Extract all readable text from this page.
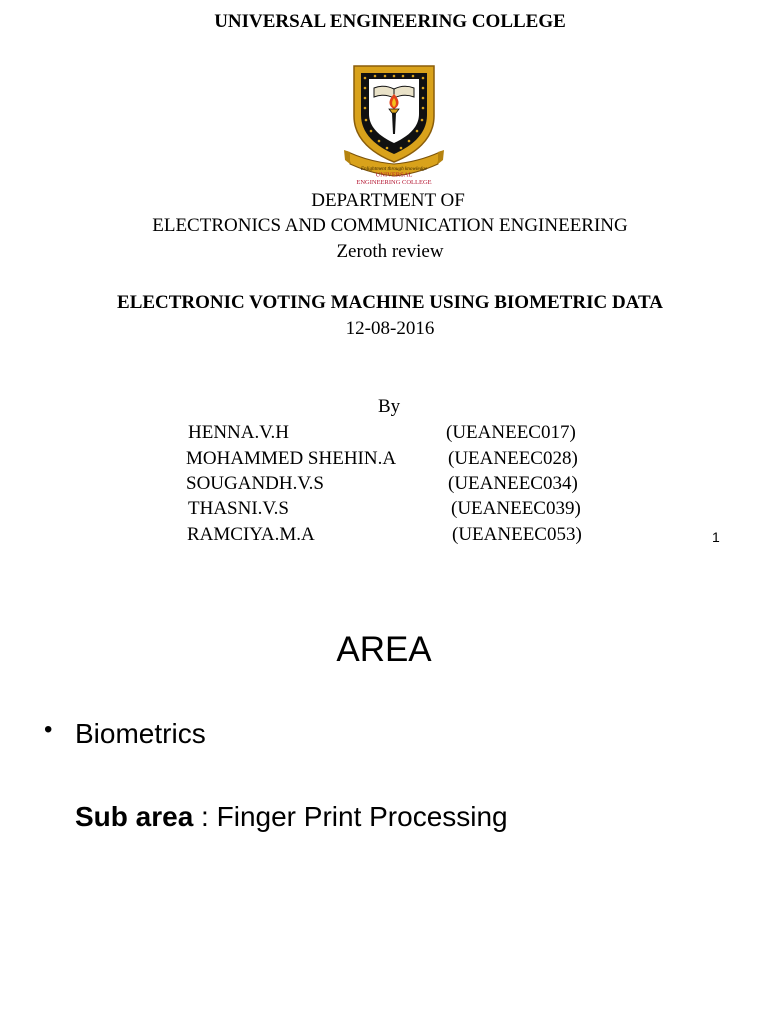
UNIVERSAL ENGINEERING COLLEGE
Enlightment through knowledge
UNIVERSAL
ENGINEERING COLLEGE
DEPARTMENT OF
ELECTRONICS AND COMMUNICATION ENGINEERING
Zeroth review
ELECTRONIC VOTING MACHINE USING BIOMETRIC DATA
12-08-2016
By
HENNA.V.H	(UEANEEC017)
MOHAMMED SHEHIN.A	(UEANEEC028)
SOUGANDH.V.S	(UEANEEC034)
THASNI.V.S	(UEANEEC039)
RAMCIYA.M.A	(UEANEEC053)	1
AREA
• Biometrics
Sub area : Finger Print Processing
